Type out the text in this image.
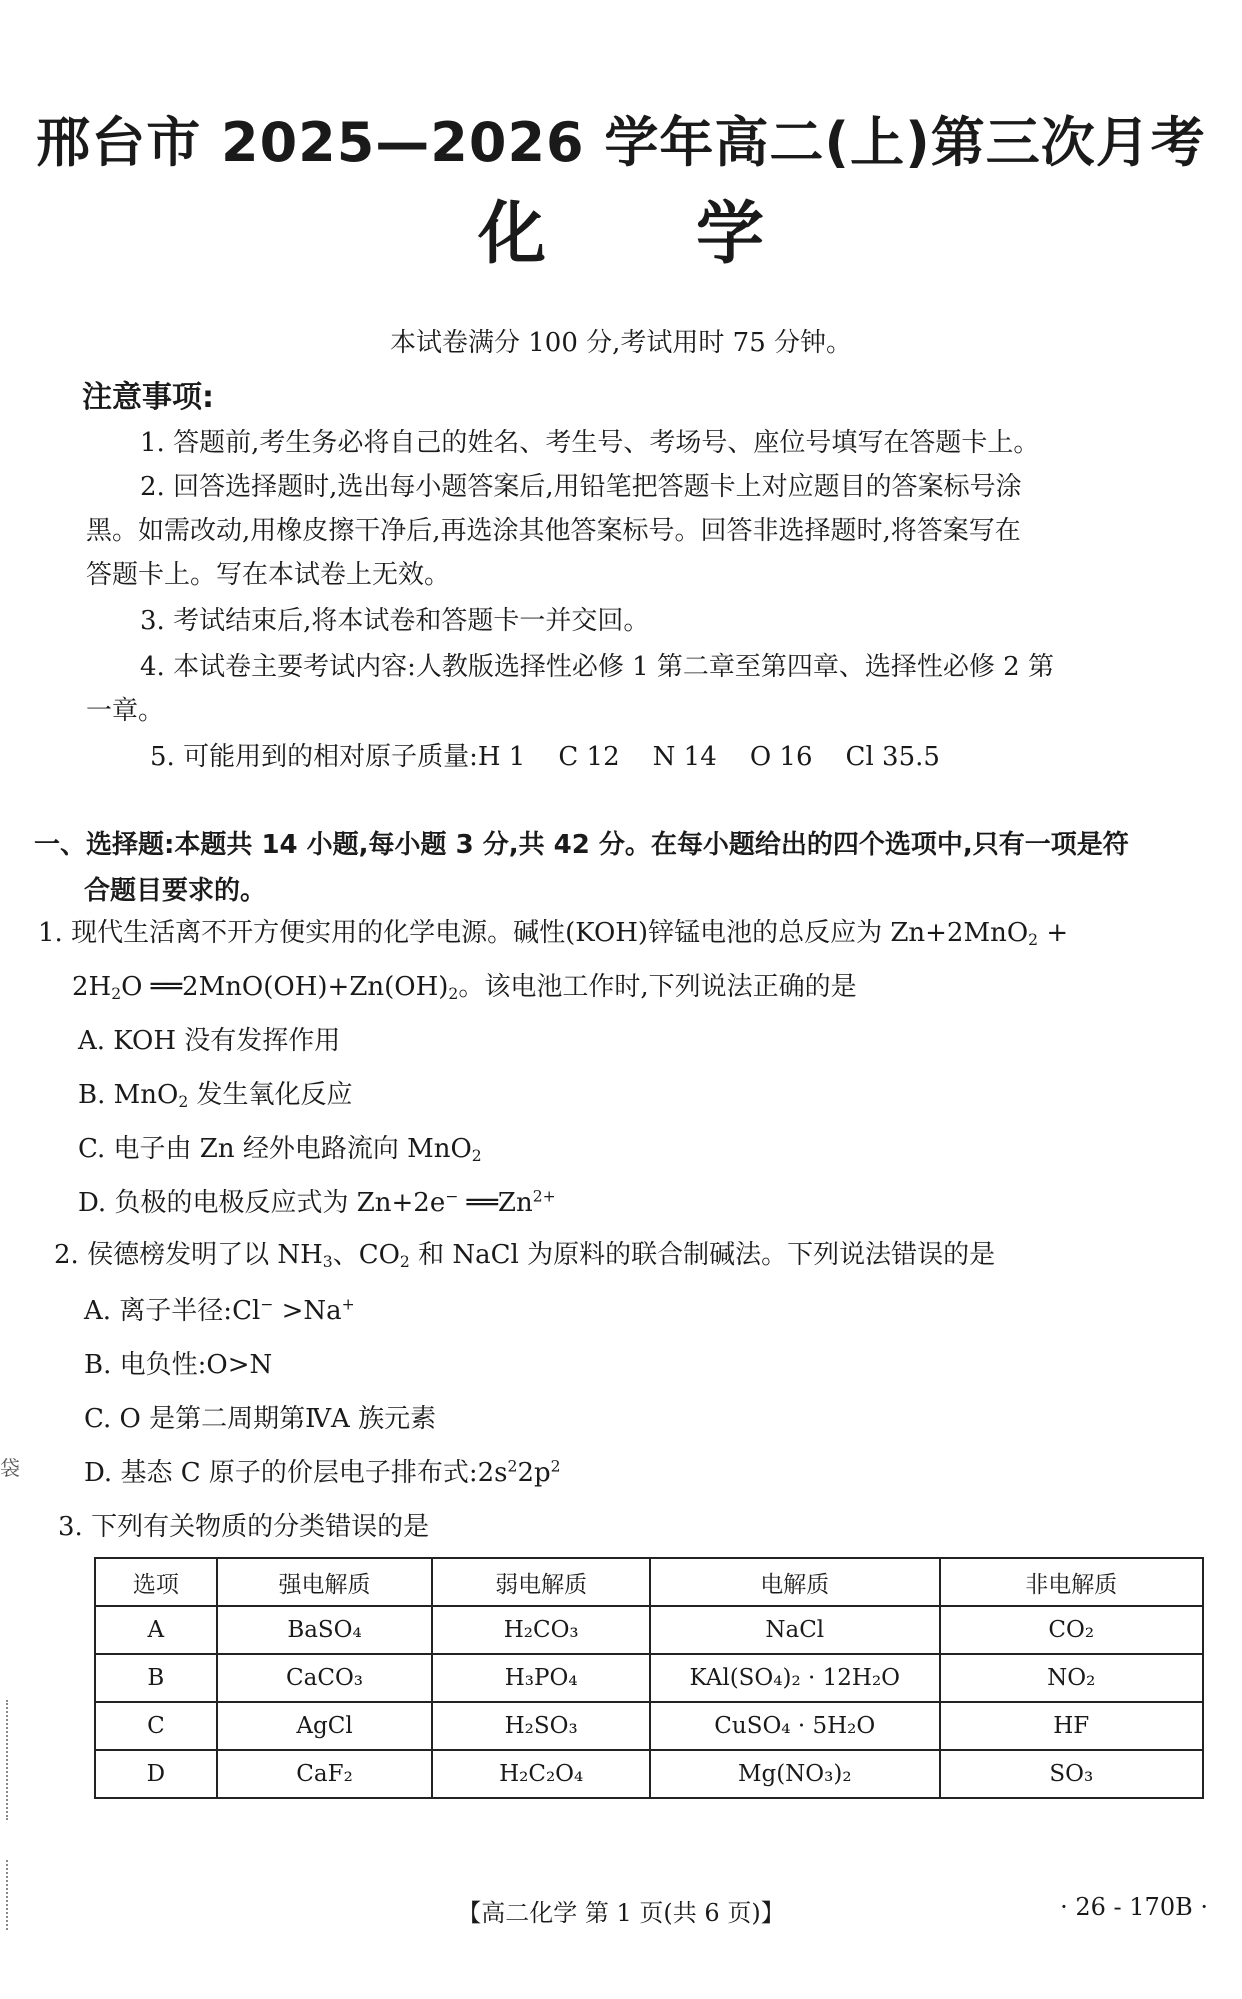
邢台市 2025—2026 学年高二(上)第三次月考
化学
本试卷满分 100 分,考试用时 75 分钟。
注意事项:
1. 答题前,考生务必将自己的姓名、考生号、考场号、座位号填写在答题卡上。
2. 回答选择题时,选出每小题答案后,用铅笔把答题卡上对应题目的答案标号涂
黑。如需改动,用橡皮擦干净后,再选涂其他答案标号。回答非选择题时,将答案写在
答题卡上。写在本试卷上无效。
3. 考试结束后,将本试卷和答题卡一并交回。
4. 本试卷主要考试内容:人教版选择性必修 1 第二章至第四章、选择性必修 2 第
一章。
5. 可能用到的相对原子质量:H 1    C 12    N 14    O 16    Cl 35.5
一、选择题:本题共 14 小题,每小题 3 分,共 42 分。在每小题给出的四个选项中,只有一项是符
合题目要求的。
1. 现代生活离不开方便实用的化学电源。碱性(KOH)锌锰电池的总反应为 Zn+2MnO$_2$ +
$2H_2O$ $══2MnO(OH)+Zn(OH)_2$。该电池工作时,下列说法正确的是
A. KOH 没有发挥作用
B. MnO$_2$ 发生氧化反应
C. 电子由 Zn 经外电路流向 MnO$_2$
D. 负极的电极反应式为 Zn+2e− $══Zn^{2+}$
2. 侯德榜发明了以 $NH_3$、$CO_2$ 和 NaCl 为原料的联合制碱法。下列说法错误的是
A. 离子半径:Cl− >Na+
B. 电负性:O>N
C. O 是第二周期第ⅣA 族元素
D. 基态 C 原子的价层电子排布式$:2s^22p^2$
3. 下列有关物质的分类错误的是
选项	强电解质	弱电解质	电解质	非电解质
A	BaSO₄	H₂CO₃	NaCl	CO₂
B	CaCO₃	H₃PO₄	KAl(SO₄)₂ · 12H₂O	NO₂
C	AgCl	H₂SO₃	CuSO₄ · 5H₂O	HF
D	CaF₂	H₂C₂O₄	Mg(NO₃)₂	SO₃
袋
【高二化学 第 1 页(共 6 页)】	· 26 - 170B ·
